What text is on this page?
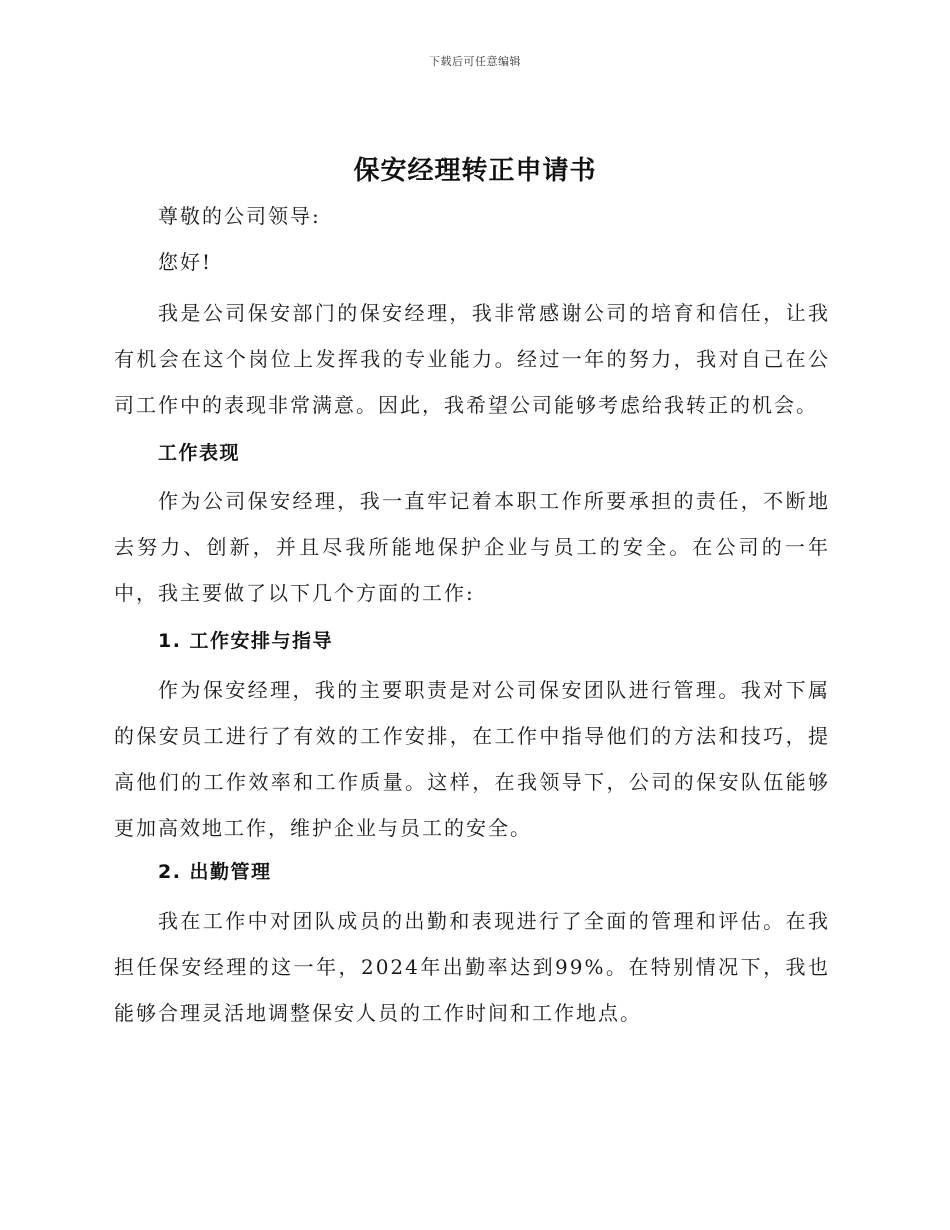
下载后可任意编辑
保安经理转正申请书

尊敬的公司领导:

您好!

我是公司保安部门的保安经理，我非常感谢公司的培育和信任，让我有机会在这个岗位上发挥我的专业能力。经过一年的努力，我对自己在公司工作中的表现非常满意。因此，我希望公司能够考虑给我转正的机会。

工作表现

作为公司保安经理，我一直牢记着本职工作所要承担的责任，不断地去努力、创新，并且尽我所能地保护企业与员工的安全。在公司的一年中，我主要做了以下几个方面的工作:

1. 工作安排与指导

作为保安经理，我的主要职责是对公司保安团队进行管理。我对下属的保安员工进行了有效的工作安排，在工作中指导他们的方法和技巧，提高他们的工作效率和工作质量。这样，在我领导下，公司的保安队伍能够更加高效地工作，维护企业与员工的安全。

2. 出勤管理

我在工作中对团队成员的出勤和表现进行了全面的管理和评估。在我担任保安经理的这一年，2024年出勤率达到99%。在特别情况下，我也能够合理灵活地调整保安人员的工作时间和工作地点。
